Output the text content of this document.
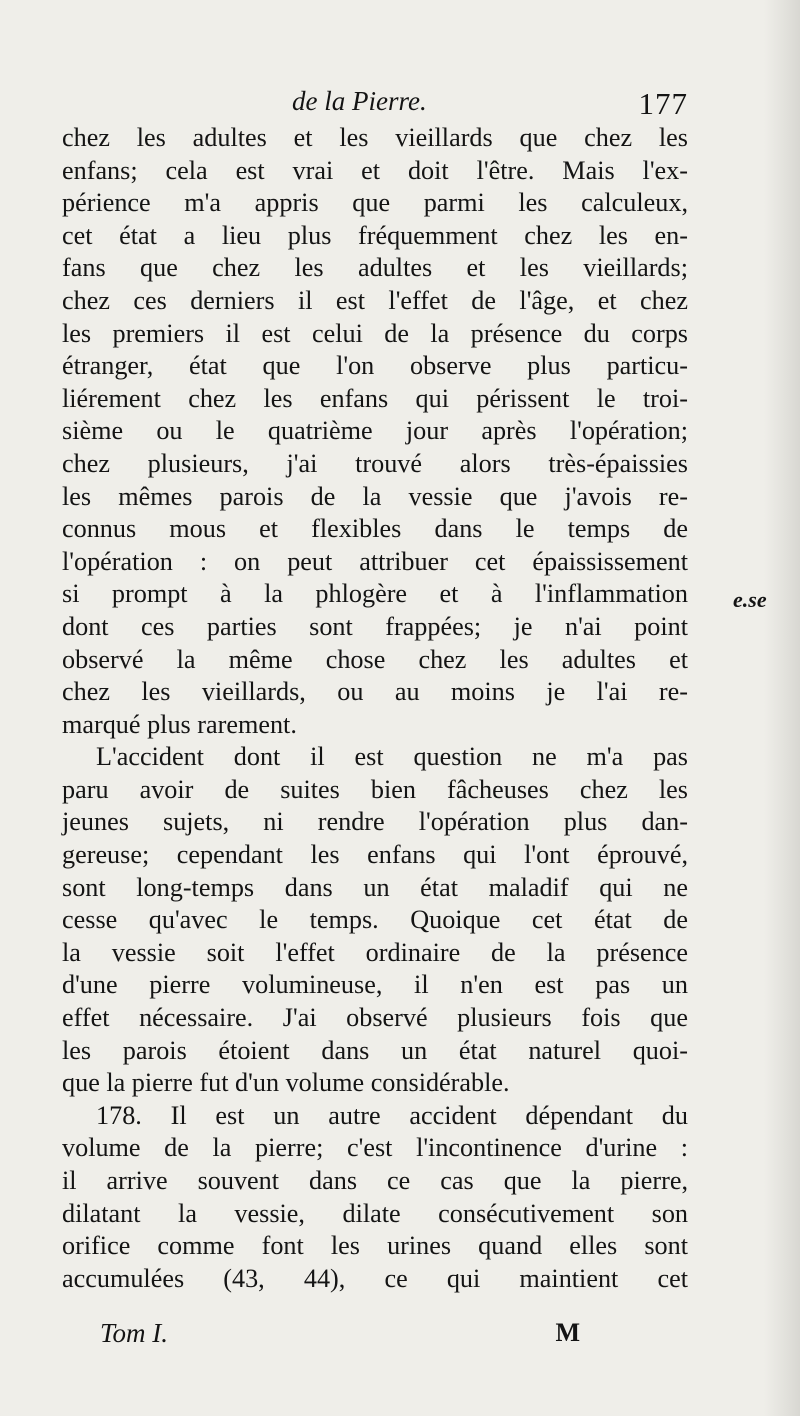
de la Pierre.	177
chez les adultes et les vieillards que chez les
enfans; cela est vrai et doit l'être. Mais l'ex-
périence m'a appris que parmi les calculeux,
cet état a lieu plus fréquemment chez les en-
fans que chez les adultes et les vieillards;
chez ces derniers il est l'effet de l'âge, et chez
les premiers il est celui de la présence du corps
étranger, état que l'on observe plus particu-
liérement chez les enfans qui périssent le troi-
sième ou le quatrième jour après l'opération;
chez plusieurs, j'ai trouvé alors très-épaissies
les mêmes parois de la vessie que j'avois re-
connus mous et flexibles dans le temps de
l'opération : on peut attribuer cet épaississement
si prompt à la phlogère et à l'inflammation
dont ces parties sont frappées; je n'ai point
observé la même chose chez les adultes et
chez les vieillards, ou au moins je l'ai re-
marqué plus rarement.
L'accident dont il est question ne m'a pas
paru avoir de suites bien fâcheuses chez les
jeunes sujets, ni rendre l'opération plus dan-
gereuse; cependant les enfans qui l'ont éprouvé,
sont long-temps dans un état maladif qui ne
cesse qu'avec le temps. Quoique cet état de
la vessie soit l'effet ordinaire de la présence
d'une pierre volumineuse, il n'en est pas un
effet nécessaire. J'ai observé plusieurs fois que
les parois étoient dans un état naturel quoi-
que la pierre fut d'un volume considérable.
178. Il est un autre accident dépendant du
volume de la pierre; c'est l'incontinence d'urine :
il arrive souvent dans ce cas que la pierre,
dilatant la vessie, dilate consécutivement son
orifice comme font les urines quand elles sont
accumulées (43, 44), ce qui maintient cet
e.se
Tom I.	M
